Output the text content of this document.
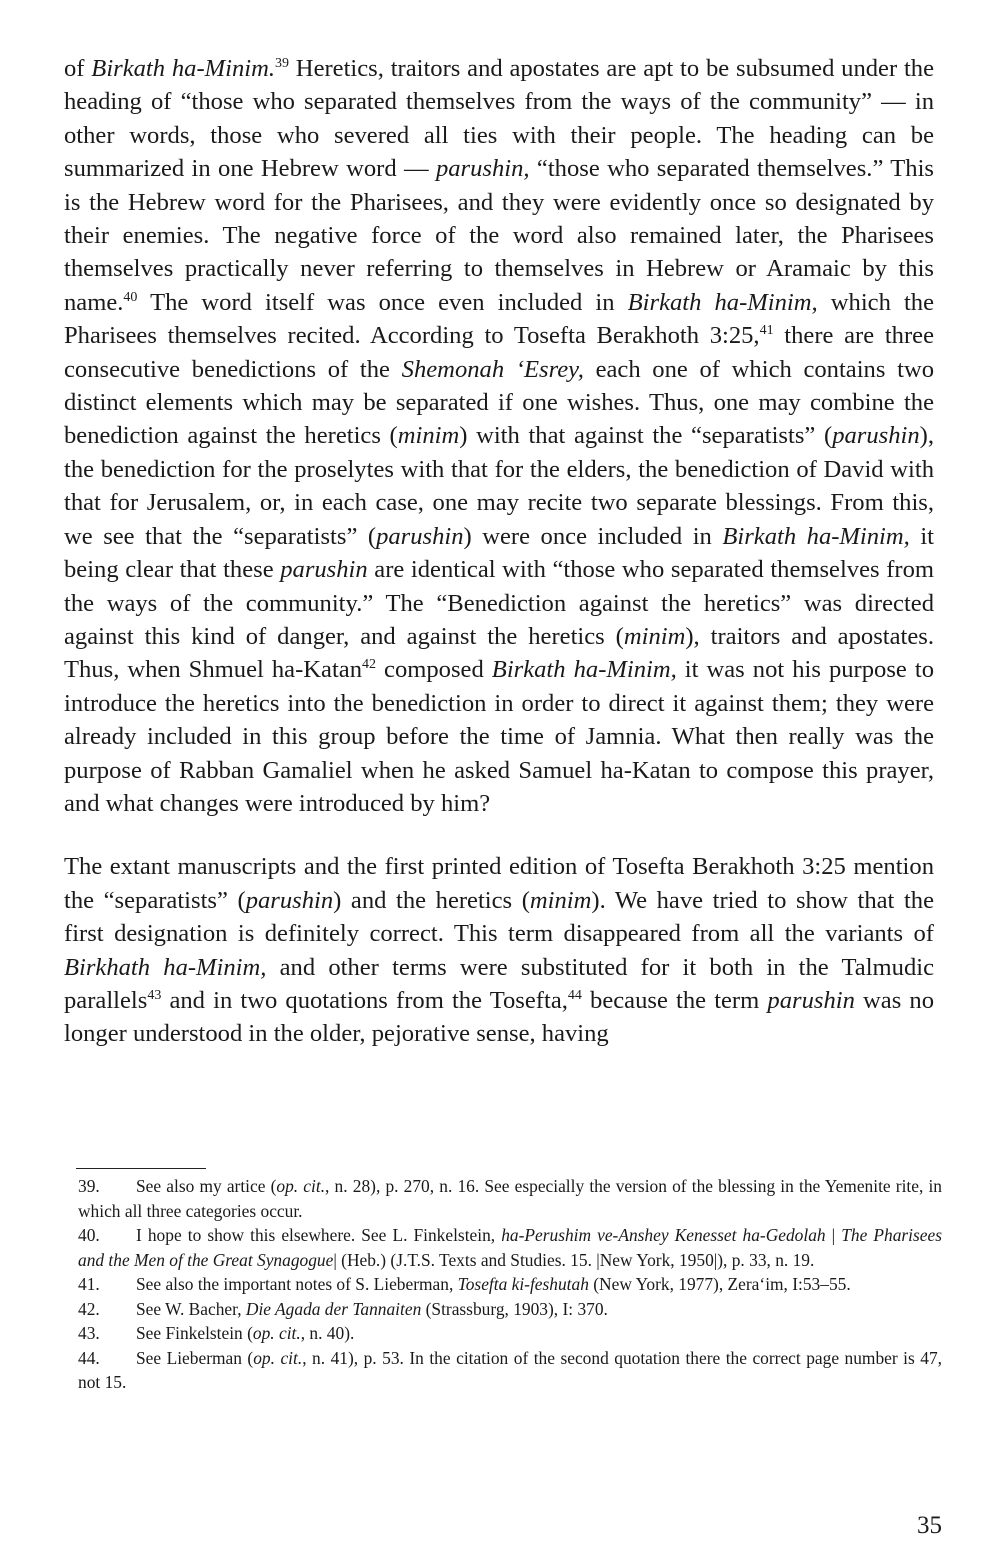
of Birkath ha-Minim.$^{39}$ Heretics, traitors and apostates are apt to be subsumed under the heading of “those who separated themselves from the ways of the community” — in other words, those who severed all ties with their people. The heading can be summarized in one Hebrew word — parushin, “those who separated themselves.” This is the Hebrew word for the Pharisees, and they were evidently once so designated by their enemies. The negative force of the word also remained later, the Pharisees themselves practically never referring to themselves in Hebrew or Aramaic by this name.$^{40}$ The word itself was once even included in Birkath ha-Minim, which the Pharisees themselves recited. According to Tosefta Berakhoth 3:25,41 there are three consecutive benedictions of the Shemonah ‘Esrey, each one of which contains two distinct elements which may be separated if one wishes. Thus, one may combine the benediction against the heretics (minim) with that against the “separatists” (parushin), the benediction for the proselytes with that for the elders, the benediction of David with that for Jerusalem, or, in each case, one may recite two separate blessings. From this, we see that the “separatists” (parushin) were once included in Birkath ha-Minim, it being clear that these parushin are identical with “those who separated themselves from the ways of the community.” The “Benediction against the heretics” was directed against this kind of danger, and against the heretics (minim), traitors and apostates. Thus, when Shmuel ha-Katan$^{42}$ composed Birkath ha-Minim, it was not his purpose to introduce the heretics into the benediction in order to direct it against them; they were already included in this group before the time of Jamnia. What then really was the purpose of Rabban Gamaliel when he asked Samuel ha-Katan to compose this prayer, and what changes were introduced by him?

The extant manuscripts and the first printed edition of Tosefta Berakhoth 3:25 mention the “separatists” (parushin) and the heretics (minim). We have tried to show that the first designation is definitely correct. This term disappeared from all the variants of Birkhath ha-Minim, and other terms were substituted for it both in the Talmudic parallels$^{43}$ and in two quotations from the Tosefta,$^{44}$ because the term parushin was no longer understood in the older, pejorative sense, having

39. See also my artice (op. cit., n. 28), p. 270, n. 16. See especially the version of the blessing in the Yemenite rite, in which all three categories occur.

40. I hope to show this elsewhere. See L. Finkelstein, ha-Perushim ve-Anshey Kenesset ha-Gedolah | The Pharisees and the Men of the Great Synagogue| (Heb.) (J.T.S. Texts and Studies. 15. |New York, 1950|), p. 33, n. 19.

41. See also the important notes of S. Lieberman, Tosefta ki-feshutah (New York, 1977), Zera‘im, I:53–55.

42. See W. Bacher, Die Agada der Tannaiten (Strassburg, 1903), I: 370.

43. See Finkelstein (op. cit., n. 40).

44. See Lieberman (op. cit., n. 41), p. 53. In the citation of the second quotation there the correct page number is 47, not 15.

35
